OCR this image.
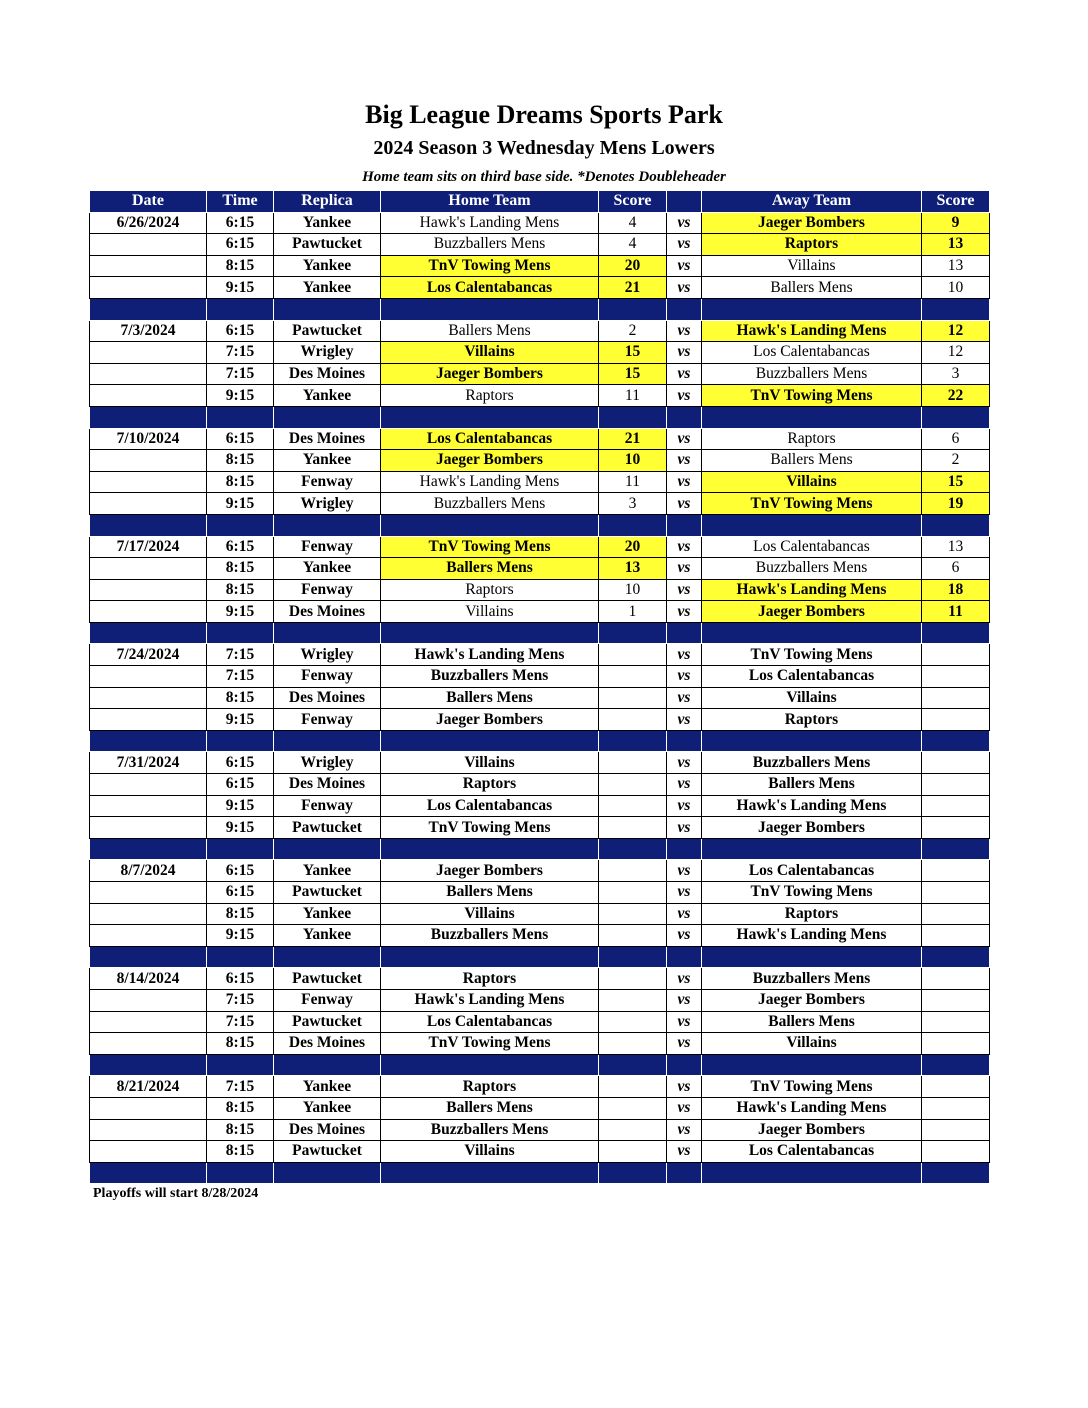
Big League Dreams Sports Park
2024 Season 3 Wednesday Mens Lowers
Home team sits on third base side. *Denotes Doubleheader
Date	Time	Replica	Home Team	Score		Away Team	Score
6/26/2024	6:15	Yankee	Hawk's Landing Mens	4	vs	Jaeger Bombers	9
	6:15	Pawtucket	Buzzballers Mens	4	vs	Raptors	13
	8:15	Yankee	TnV Towing Mens	20	vs	Villains	13
	9:15	Yankee	Los Calentabancas	21	vs	Ballers Mens	10

7/3/2024	6:15	Pawtucket	Ballers Mens	2	vs	Hawk's Landing Mens	12
	7:15	Wrigley	Villains	15	vs	Los Calentabancas	12
	7:15	Des Moines	Jaeger Bombers	15	vs	Buzzballers Mens	3
	9:15	Yankee	Raptors	11	vs	TnV Towing Mens	22

7/10/2024	6:15	Des Moines	Los Calentabancas	21	vs	Raptors	6
	8:15	Yankee	Jaeger Bombers	10	vs	Ballers Mens	2
	8:15	Fenway	Hawk's Landing Mens	11	vs	Villains	15
	9:15	Wrigley	Buzzballers Mens	3	vs	TnV Towing Mens	19

7/17/2024	6:15	Fenway	TnV Towing Mens	20	vs	Los Calentabancas	13
	8:15	Yankee	Ballers Mens	13	vs	Buzzballers Mens	6
	8:15	Fenway	Raptors	10	vs	Hawk's Landing Mens	18
	9:15	Des Moines	Villains	1	vs	Jaeger Bombers	11

7/24/2024	7:15	Wrigley	Hawk's Landing Mens		vs	TnV Towing Mens	
	7:15	Fenway	Buzzballers Mens		vs	Los Calentabancas	
	8:15	Des Moines	Ballers Mens		vs	Villains	
	9:15	Fenway	Jaeger Bombers		vs	Raptors	

7/31/2024	6:15	Wrigley	Villains		vs	Buzzballers Mens	
	6:15	Des Moines	Raptors		vs	Ballers Mens	
	9:15	Fenway	Los Calentabancas		vs	Hawk's Landing Mens	
	9:15	Pawtucket	TnV Towing Mens		vs	Jaeger Bombers	

8/7/2024	6:15	Yankee	Jaeger Bombers		vs	Los Calentabancas	
	6:15	Pawtucket	Ballers Mens		vs	TnV Towing Mens	
	8:15	Yankee	Villains		vs	Raptors	
	9:15	Yankee	Buzzballers Mens		vs	Hawk's Landing Mens	

8/14/2024	6:15	Pawtucket	Raptors		vs	Buzzballers Mens	
	7:15	Fenway	Hawk's Landing Mens		vs	Jaeger Bombers	
	7:15	Pawtucket	Los Calentabancas		vs	Ballers Mens	
	8:15	Des Moines	TnV Towing Mens		vs	Villains	

8/21/2024	7:15	Yankee	Raptors		vs	TnV Towing Mens	
	8:15	Yankee	Ballers Mens		vs	Hawk's Landing Mens	
	8:15	Des Moines	Buzzballers Mens		vs	Jaeger Bombers	
	8:15	Pawtucket	Villains		vs	Los Calentabancas	

Playoffs will start 8/28/2024
